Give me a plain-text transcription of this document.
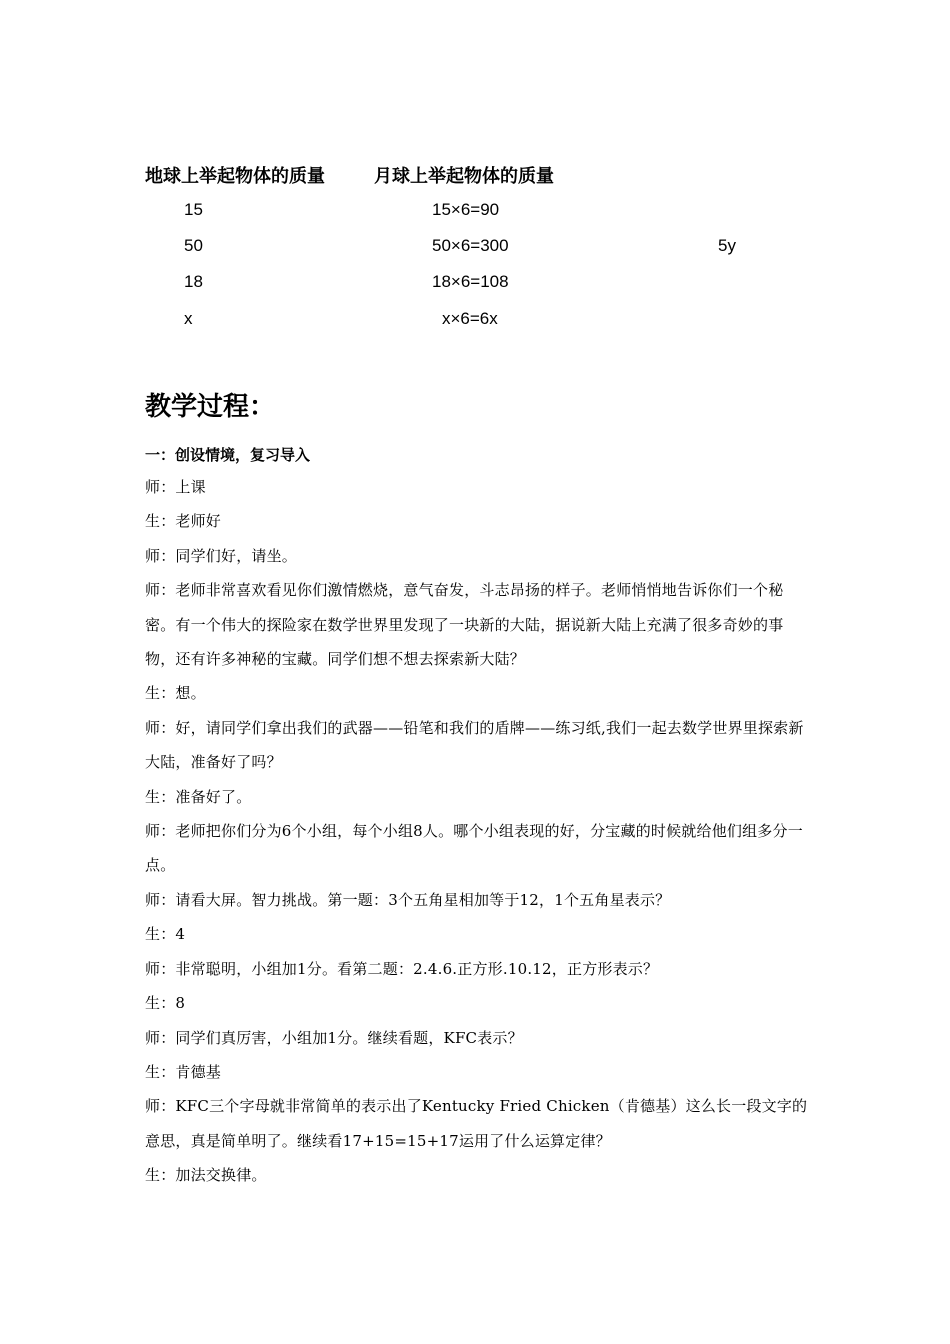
地球上举起物体的质量	月球上举起物体的质量
15	15×6=90
50	50×6=300	5y
18	18×6=108
x	x×6=6x
教学过程：
一：创设情境，复习导入

师：上课

生：老师好

师：同学们好，请坐。

师：老师非常喜欢看见你们激情燃烧，意气奋发，斗志昂扬的样子。老师悄悄地告诉你们一个秘密。有一个伟大的探险家在数学世界里发现了一块新的大陆，据说新大陆上充满了很多奇妙的事物，还有许多神秘的宝藏。同学们想不想去探索新大陆？

生：想。

师：好，请同学们拿出我们的武器——铅笔和我们的盾牌——练习纸,我们一起去数学世界里探索新大陆，准备好了吗？

生：准备好了。

师：老师把你们分为6个小组，每个小组8人。哪个小组表现的好，分宝藏的时候就给他们组多分一点。

师：请看大屏。智力挑战。第一题：3个五角星相加等于12，1个五角星表示？

生：4

师：非常聪明，小组加1分。看第二题：2.4.6.正方形.10.12，正方形表示？

生：8

师：同学们真厉害，小组加1分。继续看题，KFC表示？

生：肯德基

师：KFC三个字母就非常简单的表示出了Kentucky Fried Chicken（肯德基）这么长一段文字的意思，真是简单明了。继续看17+15=15+17运用了什么运算定律？

生：加法交换律。
